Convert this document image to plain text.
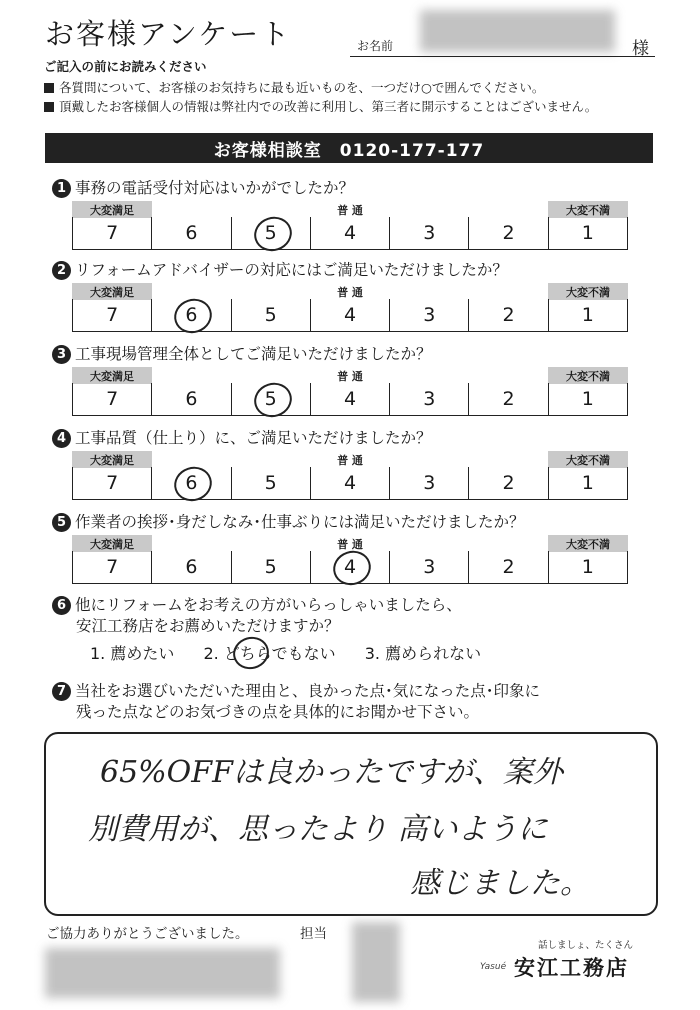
お客様アンケート	お名前	様
ご記入の前にお読みください
各質問について、お客様のお気持ちに最も近いものを、一つだけ○で囲んでください。
頂戴したお客様個人の情報は弊社内での改善に利用し、第三者に開示することはございません。
お客様相談室　0120-177-177
1 事務の電話受付対応はいかがでしたか？
大変満足	普 通	大変不満
7	6	5	4	3	2	1
2 リフォームアドバイザーの対応にはご満足いただけましたか？
大変満足	普 通	大変不満
7	6	5	4	3	2	1
3 工事現場管理全体としてご満足いただけましたか？
大変満足	普 通	大変不満
7	6	5	4	3	2	1
4 工事品質（仕上り）に、ご満足いただけましたか？
大変満足	普 通	大変不満
7	6	5	4	3	2	1
5 作業者の挨拶･身だしなみ･仕事ぶりには満足いただけましたか？
大変満足	普 通	大変不満
7	6	5	4	3	2	1
6 他にリフォームをお考えの方がいらっしゃいましたら、
安江工務店をお薦めいただけますか？
1. 薦めたい 2. どちらでもない 3. 薦められない
7 当社をお選びいただいた理由と、良かった点･気になった点･印象に
残った点などのお気づきの点を具体的にお聞かせ下さい。
65%OFFは良かったですが、案外
別費用が、思ったより 高いように
感じました。
ご協力ありがとうございました。	担当
話しましょ、たくさん
Yasué 安江工務店
